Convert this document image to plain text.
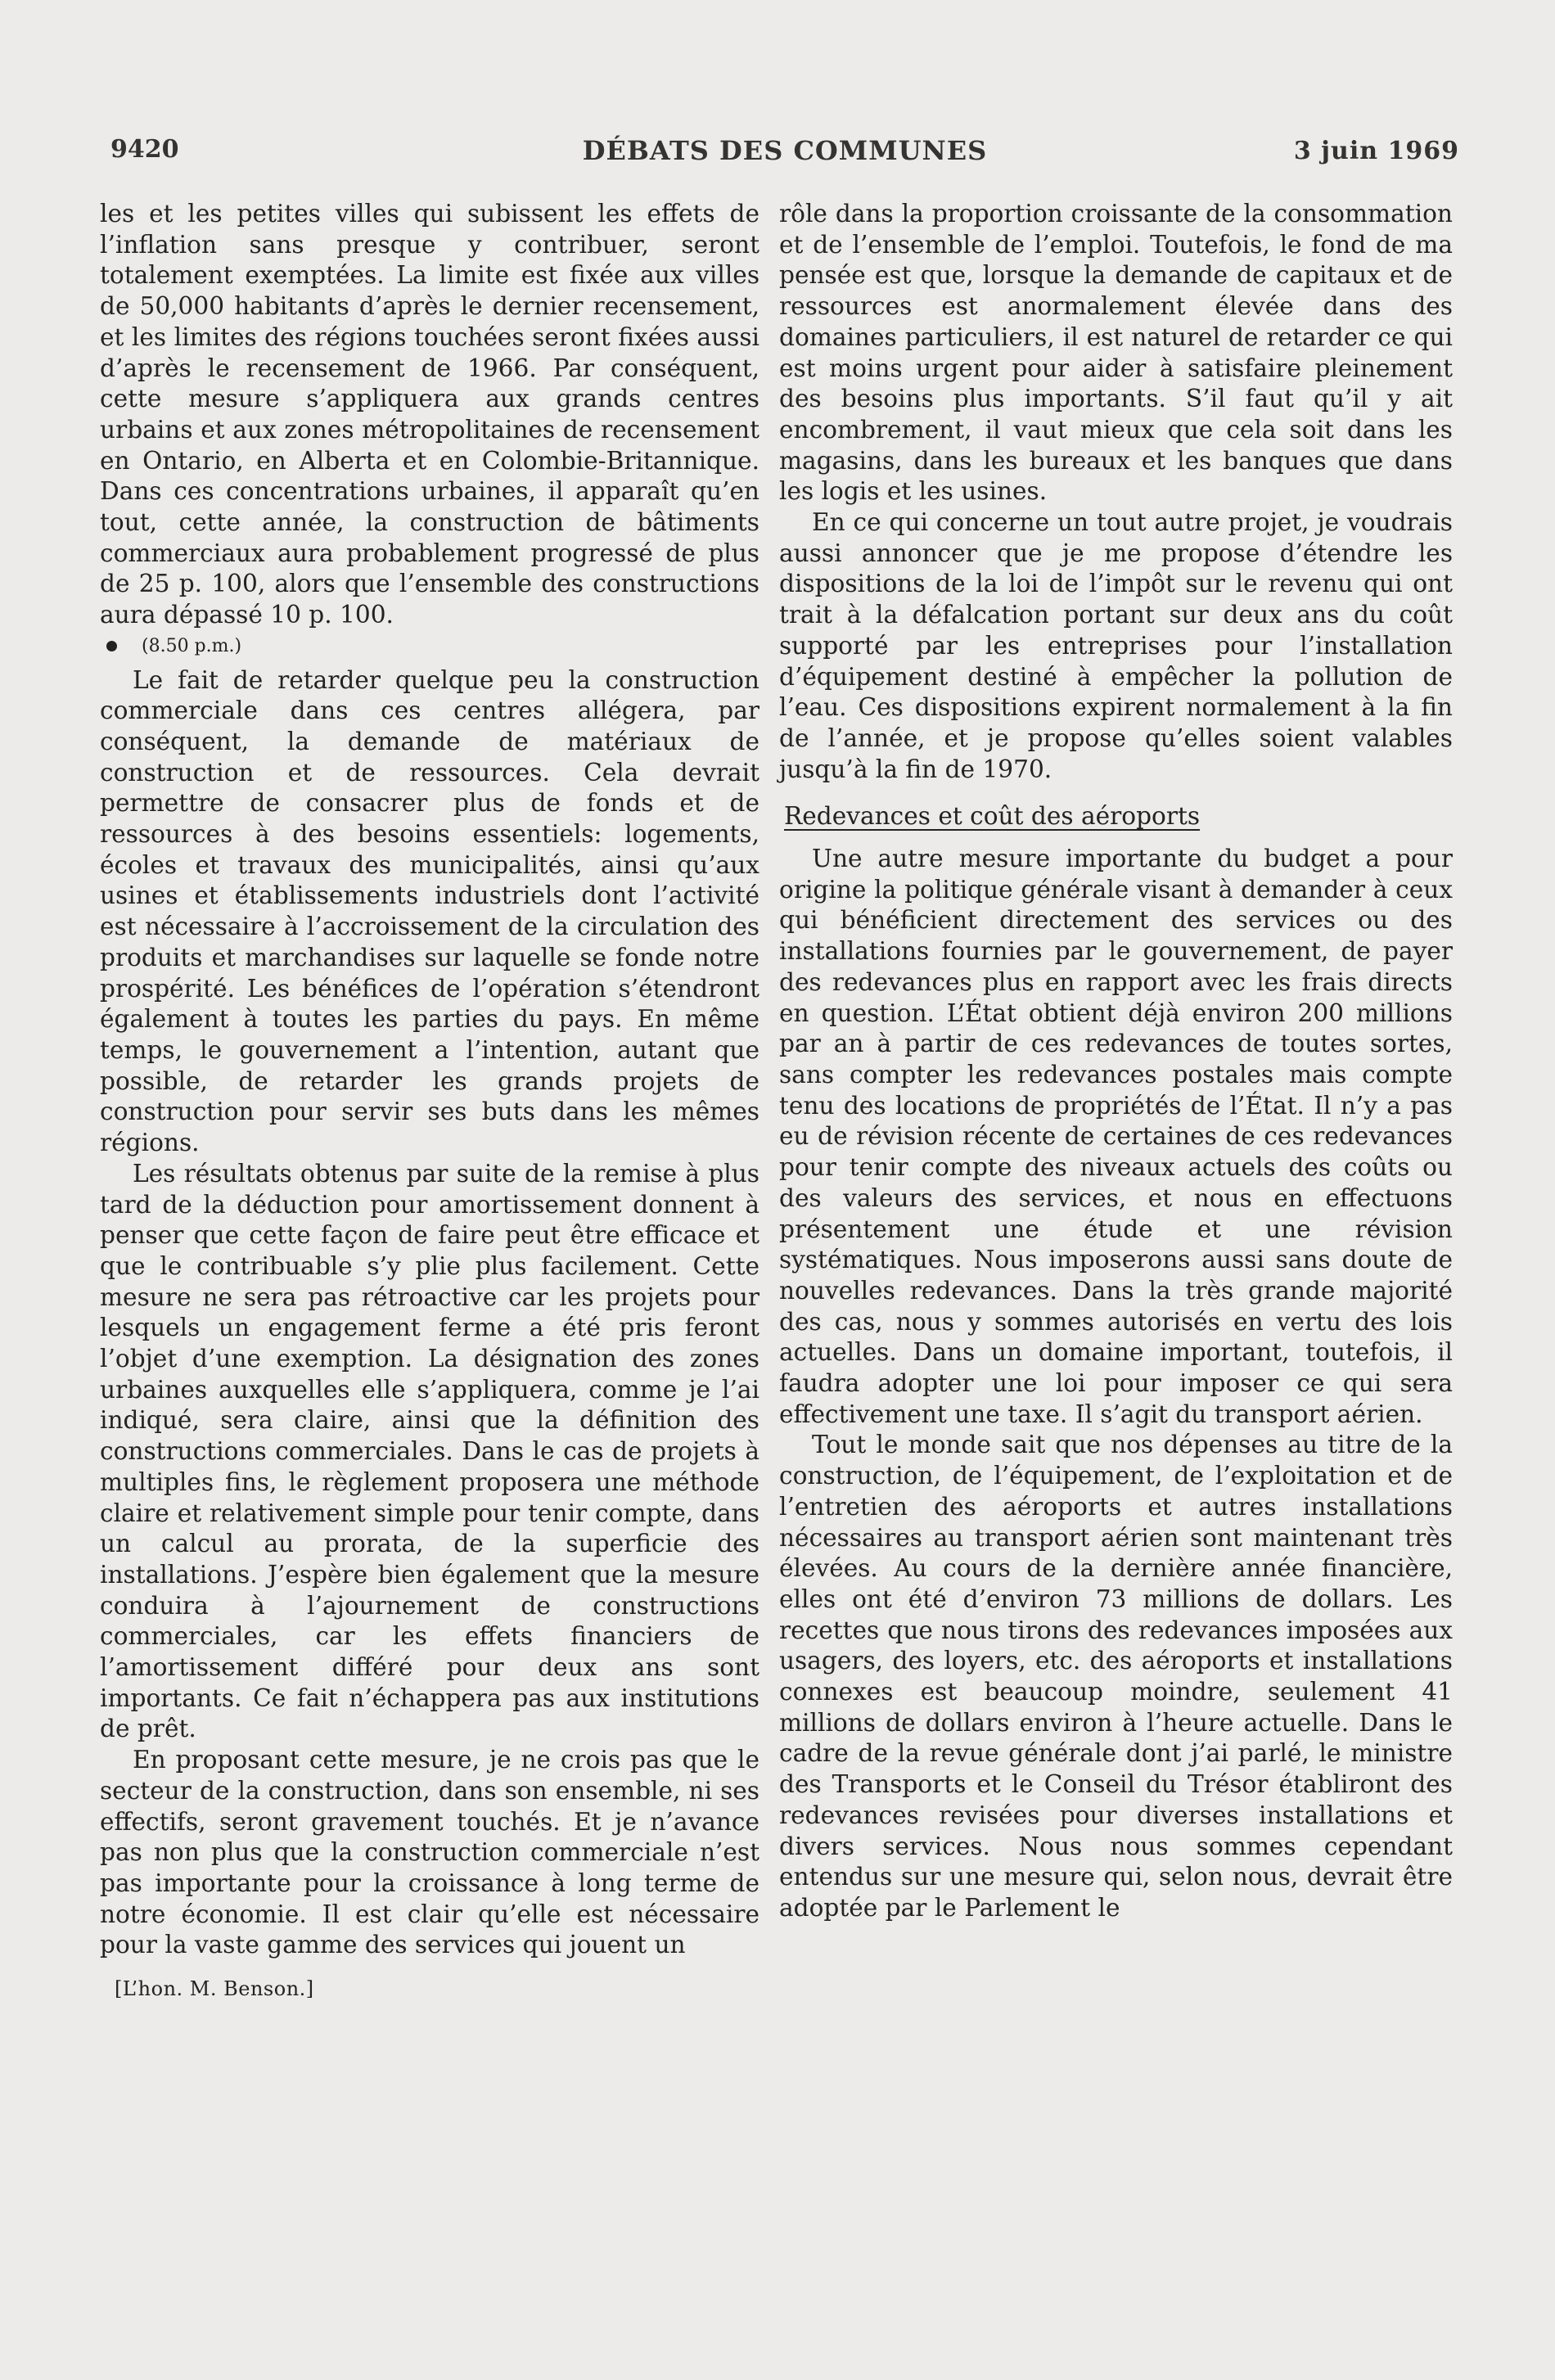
9420	DÉBATS DES COMMUNES	3 juin 1969

les et les petites villes qui subissent les effets de l’inflation sans presque y contribuer, seront totalement exemptées. La limite est fixée aux villes de 50,000 habitants d’après le dernier recensement, et les limites des régions touchées seront fixées aussi d’après le recensement de 1966. Par conséquent, cette mesure s’appliquera aux grands centres urbains et aux zones métropolitaines de recensement en Ontario, en Alberta et en Colombie-Britannique. Dans ces concentrations urbaines, il apparaît qu’en tout, cette année, la construction de bâtiments commerciaux aura probablement progressé de plus de 25 p. 100, alors que l’ensemble des constructions aura dépassé 10 p. 100.

(8.50 p.m.)

Le fait de retarder quelque peu la construction commerciale dans ces centres allégera, par conséquent, la demande de matériaux de construction et de ressources. Cela devrait permettre de consacrer plus de fonds et de ressources à des besoins essentiels: logements, écoles et travaux des municipalités, ainsi qu’aux usines et établissements industriels dont l’activité est nécessaire à l’accroissement de la circulation des produits et marchandises sur laquelle se fonde notre prospérité. Les bénéfices de l’opération s’étendront également à toutes les parties du pays. En même temps, le gouvernement a l’intention, autant que possible, de retarder les grands projets de construction pour servir ses buts dans les mêmes régions.

Les résultats obtenus par suite de la remise à plus tard de la déduction pour amortissement donnent à penser que cette façon de faire peut être efficace et que le contribuable s’y plie plus facilement. Cette mesure ne sera pas rétroactive car les projets pour lesquels un engagement ferme a été pris feront l’objet d’une exemption. La désignation des zones urbaines auxquelles elle s’appliquera, comme je l’ai indiqué, sera claire, ainsi que la définition des constructions commerciales. Dans le cas de projets à multiples fins, le règlement proposera une méthode claire et relativement simple pour tenir compte, dans un calcul au prorata, de la superficie des installations. J’espère bien également que la mesure conduira à l’ajournement de constructions commerciales, car les effets financiers de l’amortissement différé pour deux ans sont importants. Ce fait n’échappera pas aux institutions de prêt.

En proposant cette mesure, je ne crois pas que le secteur de la construction, dans son ensemble, ni ses effectifs, seront gravement touchés. Et je n’avance pas non plus que la construction commerciale n’est pas importante pour la croissance à long terme de notre économie. Il est clair qu’elle est nécessaire pour la vaste gamme des services qui jouent un

[L’hon. M. Benson.]

rôle dans la proportion croissante de la consommation et de l’ensemble de l’emploi. Toutefois, le fond de ma pensée est que, lorsque la demande de capitaux et de ressources est anormalement élevée dans des domaines particuliers, il est naturel de retarder ce qui est moins urgent pour aider à satisfaire pleinement des besoins plus importants. S’il faut qu’il y ait encombrement, il vaut mieux que cela soit dans les magasins, dans les bureaux et les banques que dans les logis et les usines.

En ce qui concerne un tout autre projet, je voudrais aussi annoncer que je me propose d’étendre les dispositions de la loi de l’impôt sur le revenu qui ont trait à la défalcation portant sur deux ans du coût supporté par les entreprises pour l’installation d’équipement destiné à empêcher la pollution de l’eau. Ces dispositions expirent normalement à la fin de l’année, et je propose qu’elles soient valables jusqu’à la fin de 1970.

Redevances et coût des aéroports

Une autre mesure importante du budget a pour origine la politique générale visant à demander à ceux qui bénéficient directement des services ou des installations fournies par le gouvernement, de payer des redevances plus en rapport avec les frais directs en question. L’État obtient déjà environ 200 millions par an à partir de ces redevances de toutes sortes, sans compter les redevances postales mais compte tenu des locations de propriétés de l’État. Il n’y a pas eu de révision récente de certaines de ces redevances pour tenir compte des niveaux actuels des coûts ou des valeurs des services, et nous en effectuons présentement une étude et une révision systématiques. Nous imposerons aussi sans doute de nouvelles redevances. Dans la très grande majorité des cas, nous y sommes autorisés en vertu des lois actuelles. Dans un domaine important, toutefois, il faudra adopter une loi pour imposer ce qui sera effectivement une taxe. Il s’agit du transport aérien.

Tout le monde sait que nos dépenses au titre de la construction, de l’équipement, de l’exploitation et de l’entretien des aéroports et autres installations nécessaires au transport aérien sont maintenant très élevées. Au cours de la dernière année financière, elles ont été d’environ 73 millions de dollars. Les recettes que nous tirons des redevances imposées aux usagers, des loyers, etc. des aéroports et installations connexes est beaucoup moindre, seulement 41 millions de dollars environ à l’heure actuelle. Dans le cadre de la revue générale dont j’ai parlé, le ministre des Transports et le Conseil du Trésor établiront des redevances revisées pour diverses installations et divers services. Nous nous sommes cependant entendus sur une mesure qui, selon nous, devrait être adoptée par le Parlement le
